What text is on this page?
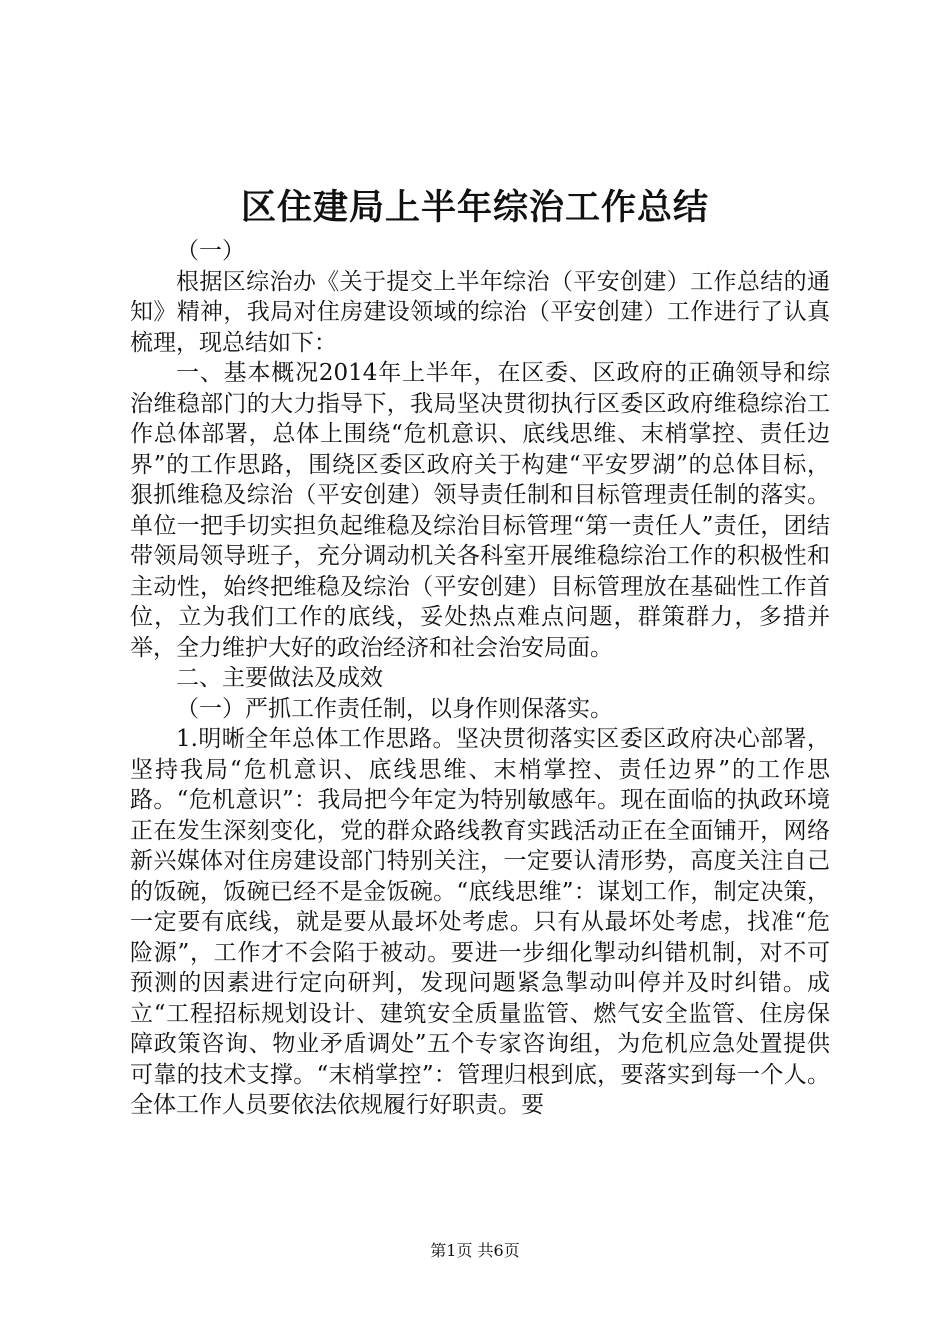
区住建局上半年综治工作总结

（一）

根据区综治办《关于提交上半年综治（平安创建）工作总结的通知》精神，我局对住房建设领域的综治（平安创建）工作进行了认真梳理，现总结如下：

一、基本概况2014年上半年，在区委、区政府的正确领导和综治维稳部门的大力指导下，我局坚决贯彻执行区委区政府维稳综治工作总体部署，总体上围绕“危机意识、底线思维、末梢掌控、责任边界”的工作思路，围绕区委区政府关于构建“平安罗湖”的总体目标，狠抓维稳及综治（平安创建）领导责任制和目标管理责任制的落实。单位一把手切实担负起维稳及综治目标管理“第一责任人”责任，团结带领局领导班子，充分调动机关各科室开展维稳综治工作的积极性和主动性，始终把维稳及综治（平安创建）目标管理放在基础性工作首位，立为我们工作的底线，妥处热点难点问题，群策群力，多措并举，全力维护大好的政治经济和社会治安局面。

二、主要做法及成效

（一）严抓工作责任制，以身作则保落实。

1.明晰全年总体工作思路。坚决贯彻落实区委区政府决心部署，坚持我局“危机意识、底线思维、末梢掌控、责任边界”的工作思路。“危机意识”：我局把今年定为特别敏感年。现在面临的执政环境正在发生深刻变化，党的群众路线教育实践活动正在全面铺开，网络新兴媒体对住房建设部门特别关注，一定要认清形势，高度关注自己的饭碗，饭碗已经不是金饭碗。“底线思维”：谋划工作，制定决策，一定要有底线，就是要从最坏处考虑。只有从最坏处考虑，找准“危险源”，工作才不会陷于被动。要进一步细化掣动纠错机制，对不可预测的因素进行定向研判，发现问题紧急掣动叫停并及时纠错。成立“工程招标规划设计、建筑安全质量监管、燃气安全监管、住房保障政策咨询、物业矛盾调处”五个专家咨询组，为危机应急处置提供可靠的技术支撑。“末梢掌控”：管理归根到底，要落实到每一个人。全体工作人员要依法依规履行好职责。要

第1页 共6页
